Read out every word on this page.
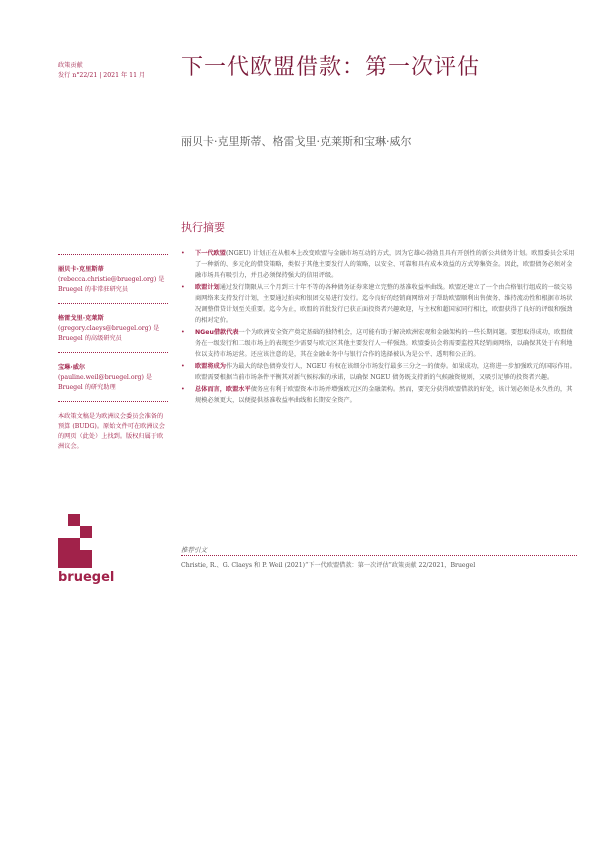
政策贡献
发行 n°22/21 | 2021 年 11 月	下一代欧盟借款：第一次评估
丽贝卡·克里斯蒂、格雷戈里·克莱斯和宝琳·威尔
执行摘要
丽贝卡·克里斯蒂
(rebecca.christie@bruegel.org) 是
Bruegel 的非常驻研究员
格雷戈里·克莱斯
(gregory.claeys@bruegel.org) 是
Bruegel 的高级研究员
宝琳·威尔
(pauline.weil@bruegel.org) 是
Bruegel 的研究助理
本政策文稿是为欧洲议会委员会准备的预算 (BUDG)。原始文件可在欧洲议会的网页（此处）上找到。版权归属于欧洲议会。
bruegel
• 下一代欧盟(NGEU) 计划正在从根本上改变欧盟与金融市场互动的方式，因为它雄心勃勃且具有开创性的新公共债务计划。欧盟委员会采用了一种新的、多元化的借贷策略，类似于其他主要发行人的策略，以安全、可靠和具有成本效益的方式筹集资金。因此，欧盟债务必须对金融市场具有吸引力，并且必须保持强大的信用评级。
• 欧盟计划通过发行期限从三个月到三十年不等的各种债务证券来建立完整的基准收益率曲线。欧盟还建立了一个由合格银行组成的一级交易商网络来支持发行计划，主要通过拍卖和银团交易进行发行。迄今良好的经销商网络对于帮助欧盟顺利出售债务、维持流动性和根据市场状况调整借贷计划至关重要。迄今为止，欧盟的首批发行已获正面投资者兴趣欢迎，与主权和超国家同行相比，欧盟获得了良好的评级和强劲的相对定价。
• NGeu借款代表一个为欧洲安全资产奠定基础的独特机会，这可能有助于解决欧洲宏观和金融架构的一些长期问题。要想取得成功，欧盟债务在一级发行和二级市场上的表现至少需要与欧元区其他主要发行人一样强劲。欧盟委员会将需要监控其经销商网络，以确保其处于有利地位以支持市场运营。还应该注意的是，其在金融业务中与银行合作的选择被认为是公平、透明和公正的。
• 欧盟将成为作为最大的绿色债券发行人，NGEU 有权在该细分市场发行最多三分之一的债券。如果成功，这将进一步加强欧元的国际作用。欧盟需要根据当前市场条件平衡其对新气候标准的承诺，以确保 NGEU 债务既支持新的气候融资规则，又吸引足够的投资者兴趣。
• 总体而言，欧盟水平债务应有利于欧盟资本市场并增强欧元区的金融架构。然而，要充分获得欧盟借款的好处，该计划必须是永久性的，其规模必须更大，以便提供基准收益率曲线和长期安全资产。
推荐引文
Christie, R.、G. Claeys 和 P. Weil (2021)“下一代欧盟借款：第一次评估”政策贡献 22/2021，Bruegel
